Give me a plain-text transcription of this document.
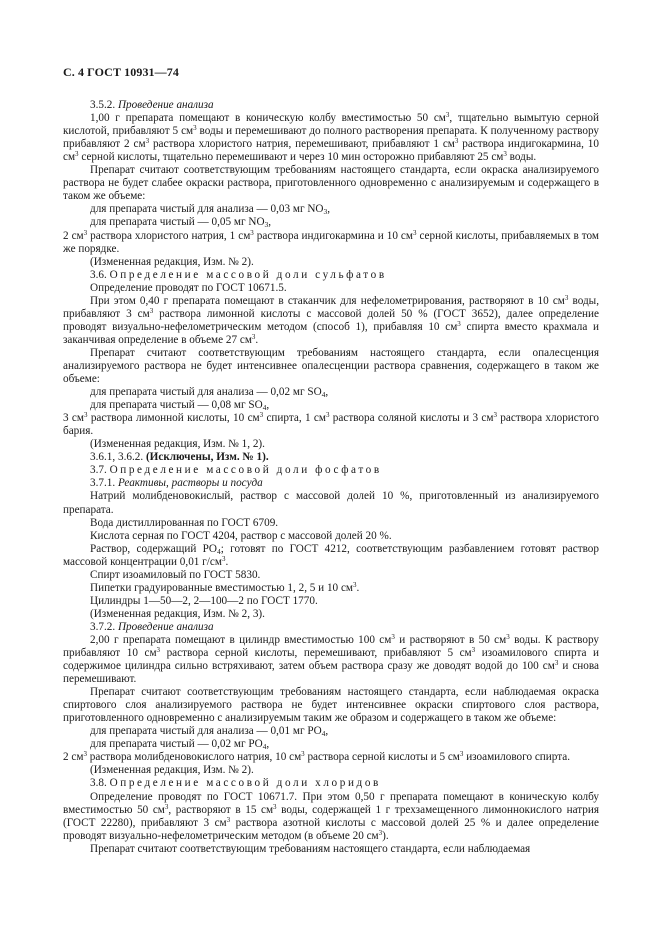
С. 4 ГОСТ 10931—74

3.5.2. Проведение анализа

1,00 г препарата помещают в коническую колбу вместимостью 50 $см^3$, тщательно вымытую серной кислотой, прибавляют 5 $см^3$ воды и перемешивают до полного растворения препарата. К полученному раствору прибавляют 2 $см^3$ раствора хлористого натрия, перемешивают, прибавляют 1 $см^3$ раствора индигокармина, 10 $см^3$ серной кислоты, тщательно перемешивают и через 10 мин осторожно прибавляют 25 $см^3$ воды.

Препарат считают соответствующим требованиям настоящего стандарта, если окраска анализируемого раствора не будет слабее окраски раствора, приготовленного одновременно с анализируемым и содержащего в таком же объеме:

для препарата чистый для анализа — 0,03 мг $NO_3$,

для препарата чистый — 0,05 мг $NO_3$,

2 $см^3$ раствора хлористого натрия, 1 $см^3$ раствора индигокармина и 10 $см^3$ серной кислоты, прибавляемых в том же порядке.

(Измененная редакция, Изм. № 2).

3.6. Определение массовой доли сульфатов

Определение проводят по ГОСТ 10671.5.

При этом 0,40 г препарата помещают в стаканчик для нефелометрирования, растворяют в 10 $см^3$ воды, прибавляют 3 $см^3$ раствора лимонной кислоты с массовой долей 50 % (ГОСТ 3652), далее определение проводят визуально-нефелометрическим методом (способ 1), прибавляя 10 $см^3$ спирта вместо крахмала и заканчивая определение в объеме 27 $см^3$.

Препарат считают соответствующим требованиям настоящего стандарта, если опалесценция анализируемого раствора не будет интенсивнее опалесценции раствора сравнения, содержащего в таком же объеме:

для препарата чистый для анализа — 0,02 мг $SO_4$,

для препарата чистый — 0,08 мг $SO_4$,

3 $см^3$ раствора лимонной кислоты, 10 $см^3$ спирта, 1 $см^3$ раствора соляной кислоты и 3 $см^3$ раствора хлористого бария.

(Измененная редакция, Изм. № 1, 2).

3.6.1, 3.6.2. (Исключены, Изм. № 1).

3.7. Определение массовой доли фосфатов

3.7.1. Реактивы, растворы и посуда

Натрий молибденовокислый, раствор с массовой долей 10 %, приготовленный из анализируемого препарата.

Вода дистиллированная по ГОСТ 6709.

Кислота серная по ГОСТ 4204, раствор с массовой долей 20 %.

Раствор, содержащий $PO_4$; готовят по ГОСТ 4212, соответствующим разбавлением готовят раствор массовой концентрации 0,01 $г/см^3$.

Спирт изоамиловый по ГОСТ 5830.

Пипетки градуированные вместимостью 1, 2, 5 и 10 $см^3$.

Цилиндры 1—50—2, 2—100—2 по ГОСТ 1770.

(Измененная редакция, Изм. № 2, 3).

3.7.2. Проведение анализа

2,00 г препарата помещают в цилиндр вместимостью 100 $см^3$ и растворяют в 50 $см^3$ воды. К раствору прибавляют 10 $см^3$ раствора серной кислоты, перемешивают, прибавляют 5 $см^3$ изоамилового спирта и содержимое цилиндра сильно встряхивают, затем объем раствора сразу же доводят водой до 100 $см^3$ и снова перемешивают.

Препарат считают соответствующим требованиям настоящего стандарта, если наблюдаемая окраска спиртового слоя анализируемого раствора не будет интенсивнее окраски спиртового слоя раствора, приготовленного одновременно с анализируемым таким же образом и содержащего в таком же объеме:

для препарата чистый для анализа — 0,01 мг $PO_4$,

для препарата чистый — 0,02 мг $PO_4$,

2 $см^3$ раствора молибденовокислого натрия, 10 $см^3$ раствора серной кислоты и 5 $см^3$ изоамилового спирта.

(Измененная редакция, Изм. № 2).

3.8. Определение массовой доли хлоридов

Определение проводят по ГОСТ 10671.7. При этом 0,50 г препарата помещают в коническую колбу вместимостью 50 $см^3$, растворяют в 15 $см^3$ воды, содержащей 1 г трехзамещенного лимоннокислого натрия (ГОСТ 22280), прибавляют 3 $см^3$ раствора азотной кислоты с массовой долей 25 % и далее определение проводят визуально-нефелометрическим методом (в объеме 20 $см^3$).

Препарат считают соответствующим требованиям настоящего стандарта, если наблюдаемая
